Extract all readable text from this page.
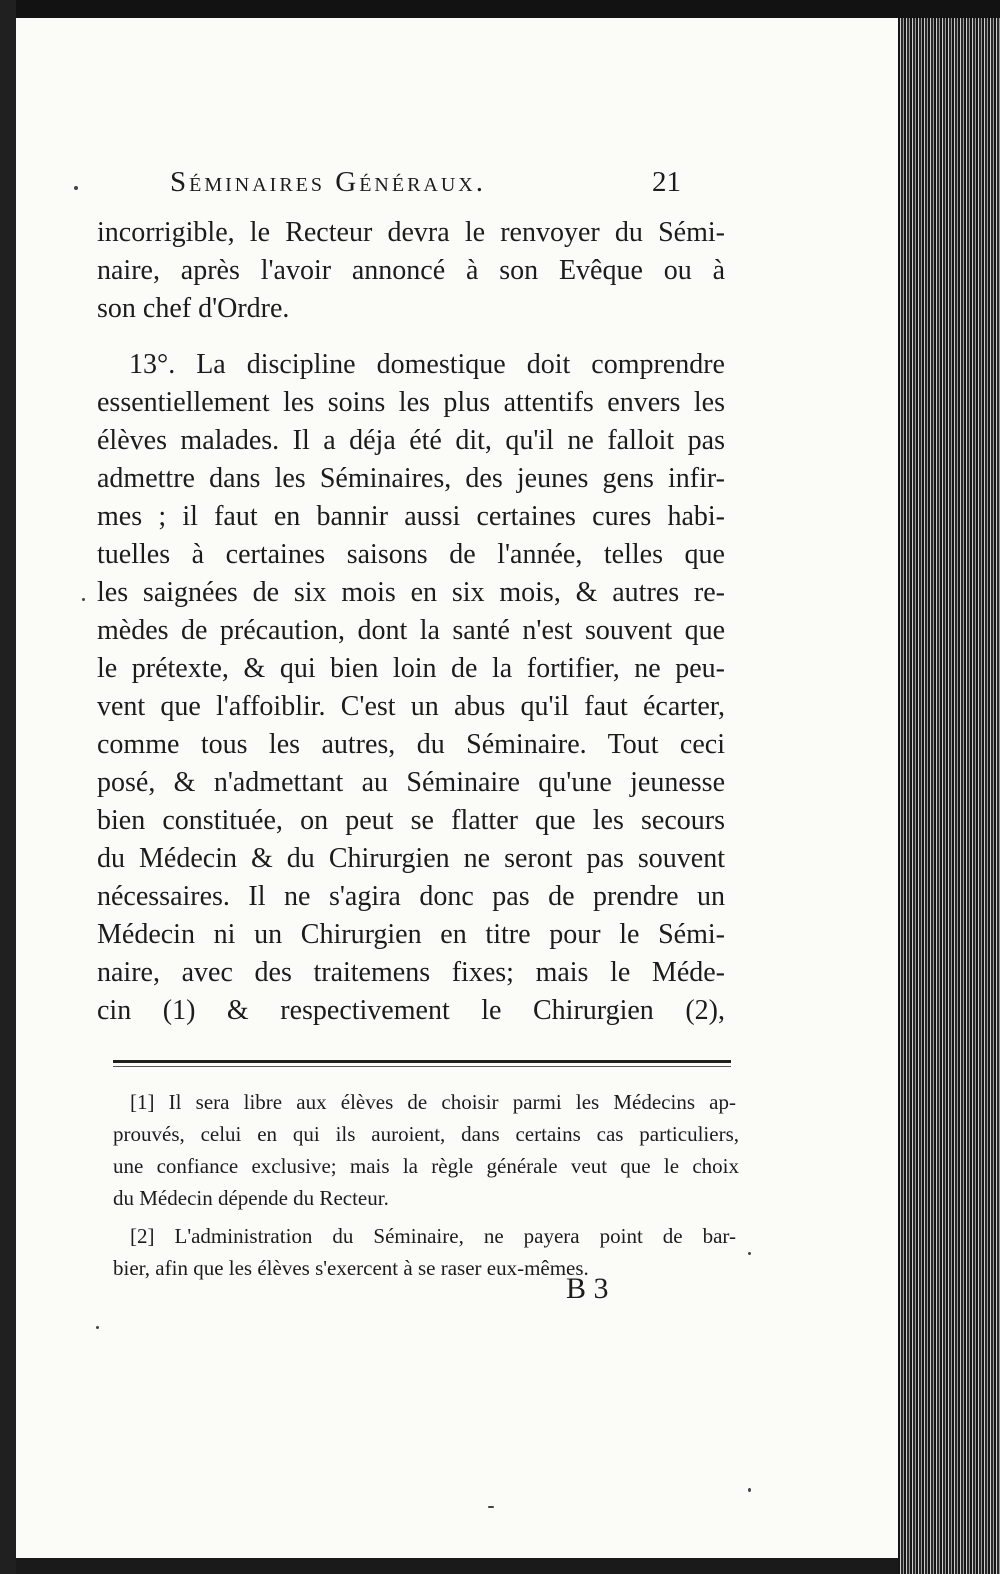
Séminaires Généraux.	21
incorrigible, le Recteur devra le renvoyer du Sémi-
naire, après l'avoir annoncé à son Evêque ou à
son chef d'Ordre.
13°. La discipline domestique doit comprendre
essentiellement les soins les plus attentifs envers les
élèves malades. Il a déja été dit, qu'il ne falloit pas
admettre dans les Séminaires, des jeunes gens infir-
mes ; il faut en bannir aussi certaines cures habi-
tuelles à certaines saisons de l'année, telles que
les saignées de six mois en six mois, & autres re-
mèdes de précaution, dont la santé n'est souvent que
le prétexte, & qui bien loin de la fortifier, ne peu-
vent que l'affoiblir. C'est un abus qu'il faut écarter,
comme tous les autres, du Séminaire. Tout ceci
posé, & n'admettant au Séminaire qu'une jeunesse
bien constituée, on peut se flatter que les secours
du Médecin & du Chirurgien ne seront pas souvent
nécessaires. Il ne s'agira donc pas de prendre un
Médecin ni un Chirurgien en titre pour le Sémi-
naire, avec des traitemens fixes; mais le Méde-
cin (1) & respectivement le Chirurgien (2),
[1] Il sera libre aux élèves de choisir parmi les Médecins ap-
prouvés, celui en qui ils auroient, dans certains cas particuliers,
une confiance exclusive; mais la règle générale veut que le choix
du Médecin dépende du Recteur.
[2] L'administration du Séminaire, ne payera point de bar-
bier, afin que les élèves s'exercent à se raser eux-mêmes.
B 3
